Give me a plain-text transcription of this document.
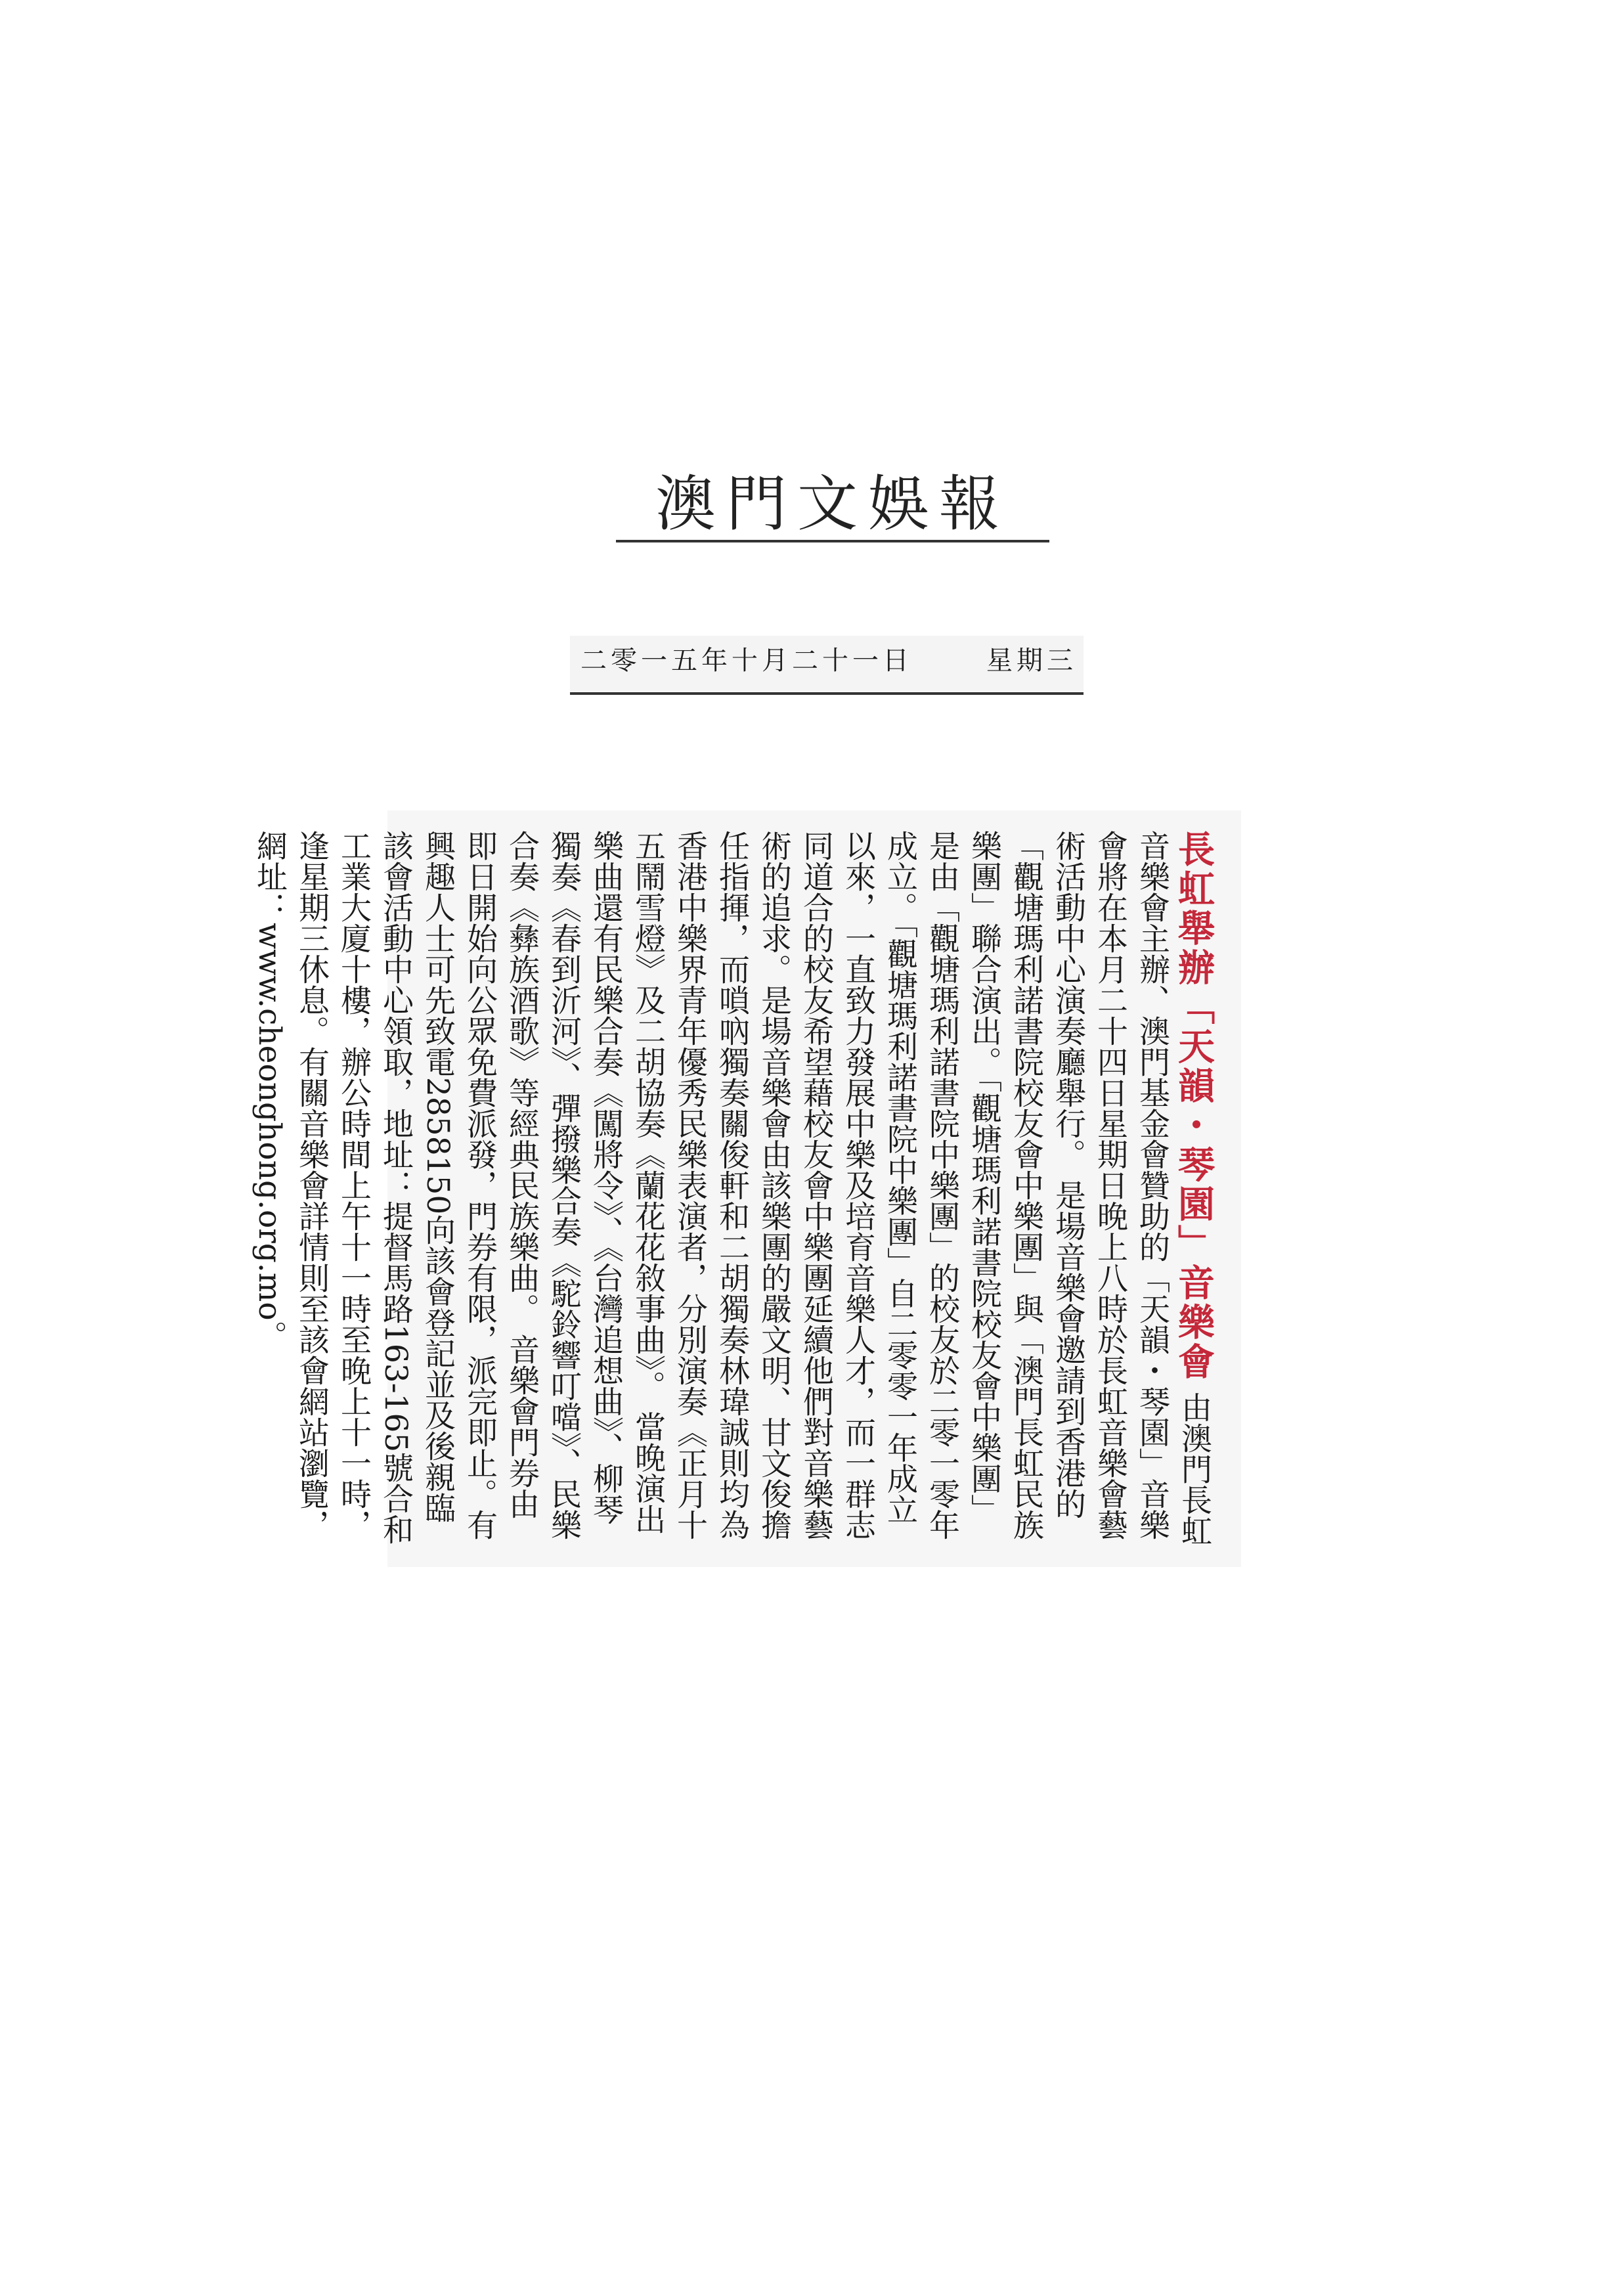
澳門文娛報
二零一五年十月二十一日	星期三
長虹舉辦「天韻・琴園」音樂會 由澳門長虹音樂會主辦、澳門基金會贊助的「天韻・琴園」音樂會將在本月二十四日星期日晚上八時於長虹音樂會藝術活動中心演奏廳舉行。 是場音樂會邀請到香港的「觀塘瑪利諾書院校友會中樂團」與「澳門長虹民族樂團」聯合演出。「觀塘瑪利諾書院校友會中樂團」是由「觀塘瑪利諾書院中樂團」的校友於二零一零年成立。「觀塘瑪利諾書院中樂團」自二零零一年成立以來，一直致力發展中樂及培育音樂人才，而一群志同道合的校友希望藉校友會中樂團延續他們對音樂藝術的追求。是場音樂會由該樂團的嚴文明、甘文俊擔任指揮，而嗩吶獨奏關俊軒和二胡獨奏林瑋誠則均為香港中樂界青年優秀民樂表演者，分別演奏《正月十五鬧雪燈》及二胡協奏《蘭花花敘事曲》。 當晚演出樂曲還有民樂合奏《闖將令》、《台灣追想曲》、柳琴獨奏《春到沂河》、彈撥樂合奏《駝鈴響叮噹》、民樂合奏《彝族酒歌》等經典民族樂曲。 音樂會門券由即日開始向公眾免費派發，門券有限，派完即止。有興趣人士可先致電2858150向該會登記並及後親臨該會活動中心領取，地址：提督馬路163-165號合和工業大廈十樓，辦公時間上午十一時至晚上十一時，逢星期三休息。有關音樂會詳情則至該會網站瀏覽，網址：www.cheonghong.org.mo。
